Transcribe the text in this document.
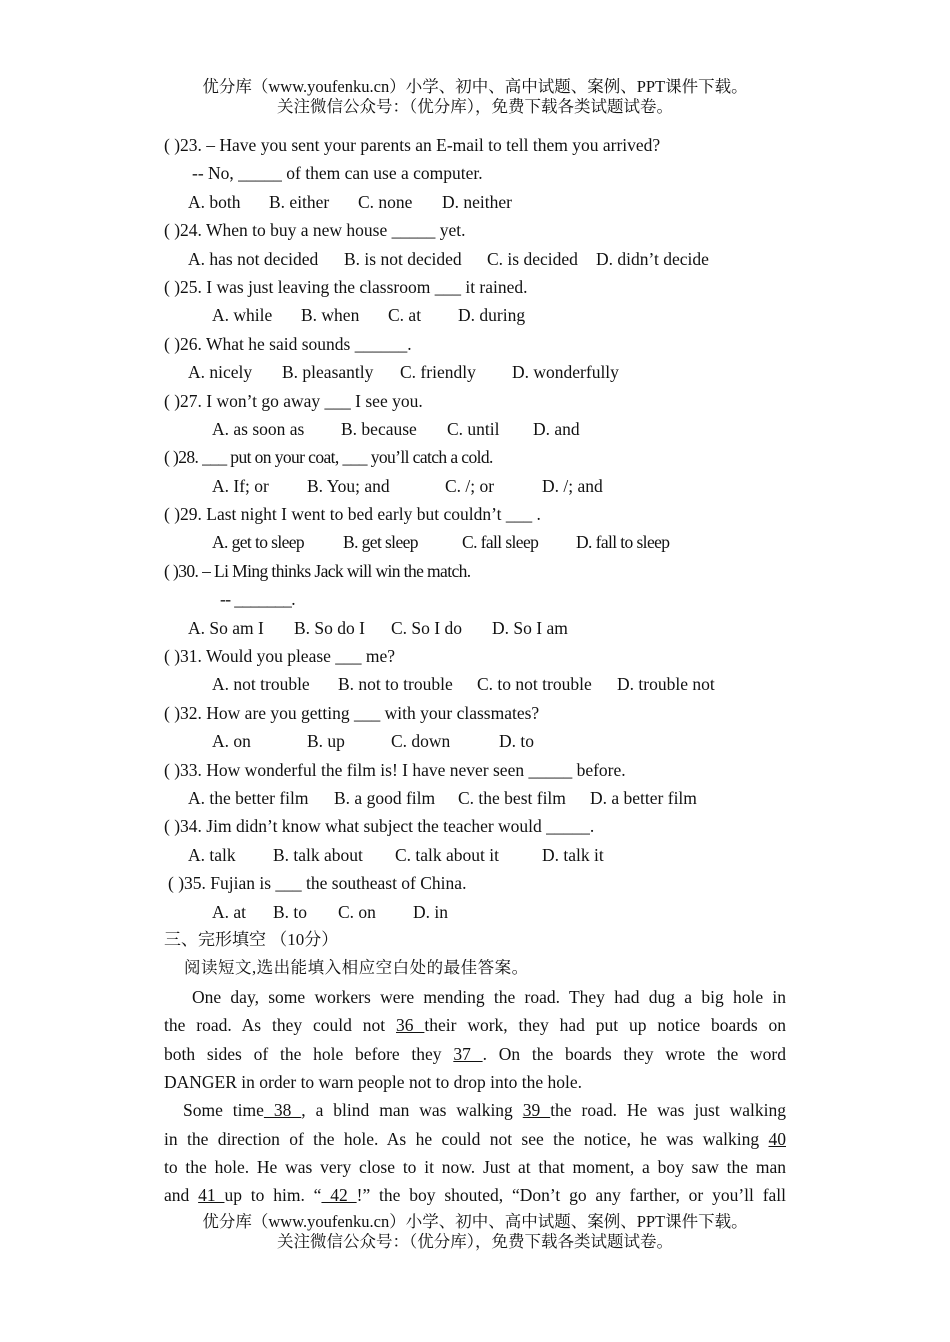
优分库（www.youfenku.cn）小学、初中、高中试题、案例、PPT课件下载。
关注微信公众号：（优分库），免费下载各类试题试卷。
( )23. – Have you sent your parents an E-mail to tell them you arrived?
-- No, _____ of them can use a computer.
A. both B. either C. none D. neither
( )24. When to buy a new house _____ yet.
A. has not decided B. is not decided C. is decided D. didn’t decide
( )25. I was just leaving the classroom ___ it rained.
A. while B. when C. at D. during
( )26. What he said sounds ______.
A. nicely B. pleasantly C. friendly D. wonderfully
( )27. I won’t go away ___ I see you.
A. as soon as B. because C. until D. and
( )28. ___ put on your coat, ___ you’ll catch a cold.
A. If; or B. You; and	C. /; or	D. /; and
( )29. Last night I went to bed early but couldn’t ___ .
A. get to sleep B. get sleep	C. fall sleep D. fall to sleep
( )30. – Li Ming thinks Jack will win the match.
-- _______.
A. So am I B. So do I C. So I do D. So I am
( )31. Would you please ___ me?
A. not trouble B. not to trouble C. to not trouble D. trouble not
( )32. How are you getting ___ with your classmates?
A. on	B. up	C. down	D. to
( )33. How wonderful the film is! I have never seen _____ before.
A. the better film B. a good film C. the best film D. a better film
( )34. Jim didn’t know what subject the teacher would _____.
A. talk B. talk about C. talk about it D. talk it
( )35. Fujian is ___ the southeast of China.
A. at B. to C. on D. in
三、完形填空 （10分）
阅读短文,选出能填入相应空白处的最佳答案。
One day, some workers were mending the road. They had dug a big hole in
the road. As they could not 36 their work, they had put up notice boards on
both sides of the hole before they 37 . On the boards they wrote the word
DANGER in order to warn people not to drop into the hole.
Some time 38 , a blind man was walking 39 the road. He was just walking
in the direction of the hole. As he could not see the notice, he was walking 40
to the hole. He was very close to it now. Just at that moment, a boy saw the man
and 41 up to him. “ 42 !” the boy shouted, “Don’t go any farther, or you’ll fall
优分库（www.youfenku.cn）小学、初中、高中试题、案例、PPT课件下载。
关注微信公众号：（优分库），免费下载各类试题试卷。
